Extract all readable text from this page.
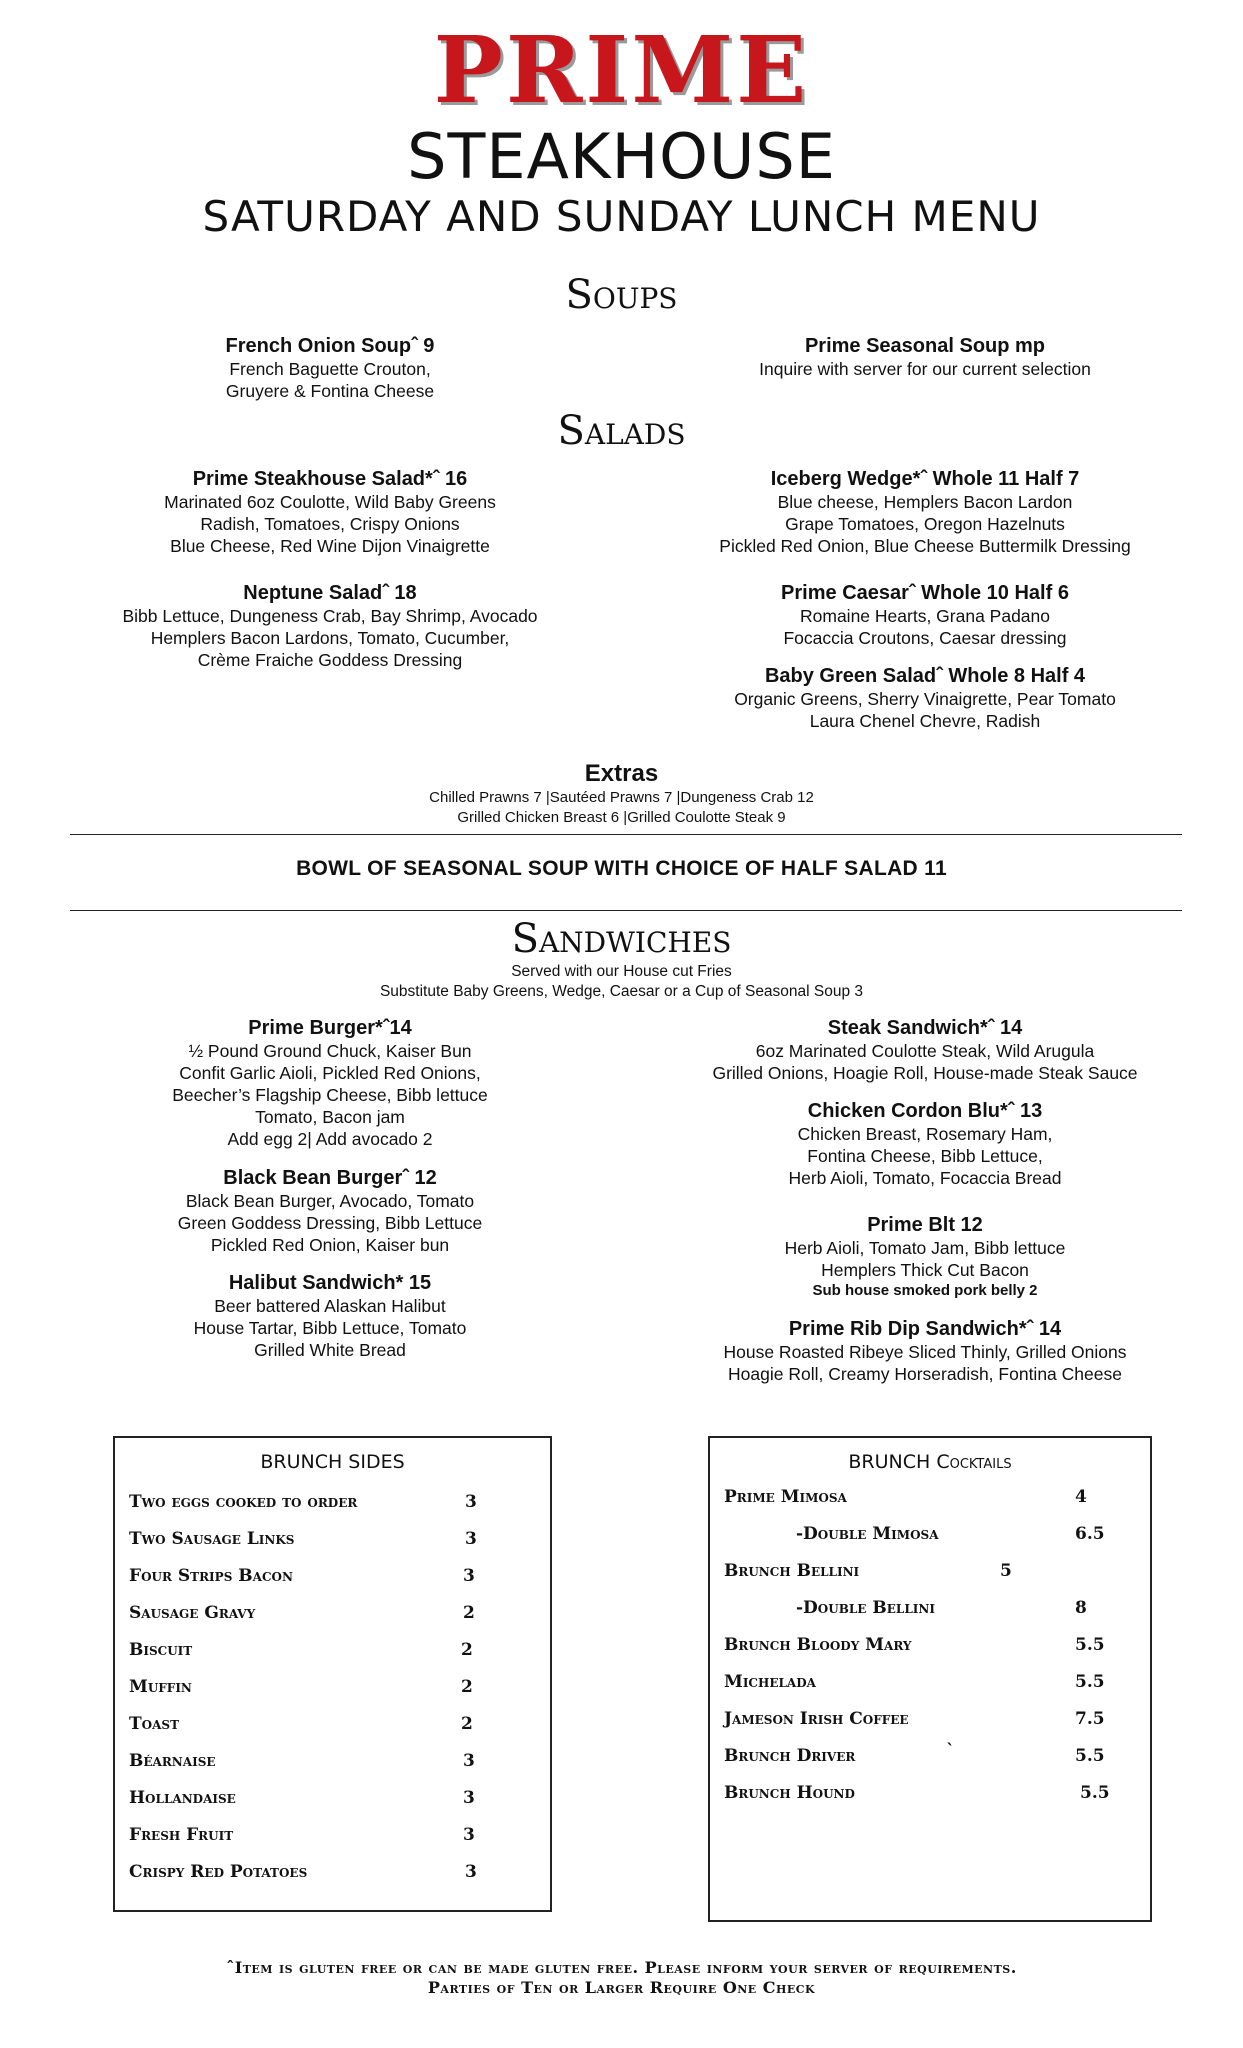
PRIME
STEAKHOUSE
SATURDAY AND SUNDAY LUNCH MENU
Soups
French Onion Soupˆ 9
French Baguette Crouton,
Gruyere & Fontina Cheese
Prime Seasonal Soup mp
Inquire with server for our current selection
Salads
Prime Steakhouse Salad*ˆ 16
Marinated 6oz Coulotte, Wild Baby Greens
Radish, Tomatoes, Crispy Onions
Blue Cheese, Red Wine Dijon Vinaigrette
Iceberg Wedge*ˆ Whole 11 Half 7
Blue cheese, Hemplers Bacon Lardon
Grape Tomatoes, Oregon Hazelnuts
Pickled Red Onion, Blue Cheese Buttermilk Dressing
Neptune Saladˆ 18
Bibb Lettuce, Dungeness Crab, Bay Shrimp, Avocado
Hemplers Bacon Lardons, Tomato, Cucumber,
Crème Fraiche Goddess Dressing
Prime Caesarˆ Whole 10 Half 6
Romaine Hearts, Grana Padano
Focaccia Croutons, Caesar dressing
Baby Green Saladˆ Whole 8 Half 4
Organic Greens, Sherry Vinaigrette, Pear Tomato
Laura Chenel Chevre, Radish
Extras
Chilled Prawns 7 |Sautéed Prawns 7 |Dungeness Crab 12
Grilled Chicken Breast 6 |Grilled Coulotte Steak 9
BOWL OF SEASONAL SOUP WITH CHOICE OF HALF SALAD 11
Sandwiches
Served with our House cut Fries
Substitute Baby Greens, Wedge, Caesar or a Cup of Seasonal Soup 3
Prime Burger*ˆ14
½ Pound Ground Chuck, Kaiser Bun
Confit Garlic Aioli, Pickled Red Onions,
Beecher’s Flagship Cheese, Bibb lettuce
Tomato, Bacon jam
Add egg 2| Add avocado 2
Steak Sandwich*ˆ 14
6oz Marinated Coulotte Steak, Wild Arugula
Grilled Onions, Hoagie Roll, House-made Steak Sauce
Chicken Cordon Blu*ˆ 13
Chicken Breast, Rosemary Ham,
Fontina Cheese, Bibb Lettuce,
Herb Aioli, Tomato, Focaccia Bread
Black Bean Burgerˆ 12
Black Bean Burger, Avocado, Tomato
Green Goddess Dressing, Bibb Lettuce
Pickled Red Onion, Kaiser bun
Prime Blt 12
Herb Aioli, Tomato Jam, Bibb lettuce
Hemplers Thick Cut Bacon
Sub house smoked pork belly 2
Halibut Sandwich* 15
Beer battered Alaskan Halibut
House Tartar, Bibb Lettuce, Tomato
Grilled White Bread
Prime Rib Dip Sandwich*ˆ 14
House Roasted Ribeye Sliced Thinly, Grilled Onions
Hoagie Roll, Creamy Horseradish, Fontina Cheese
BRUNCH SIDES
Two eggs cooked to order	3
Two Sausage Links	3
Four Strips Bacon	3
Sausage Gravy	2
Biscuit	2
Muffin	2
Toast	2
Béarnaise	3
Hollandaise	3
Fresh Fruit	3
Crispy Red Potatoes	3
BRUNCH Cocktails
Prime Mimosa	4
-Double Mimosa	6.5
Brunch Bellini	5
-Double Bellini	8
Brunch Bloody Mary	5.5
Michelada	5.5
Jameson Irish Coffee	7.5
Brunch Driver	`	5.5
Brunch Hound	5.5
ˆItem is gluten free or can be made gluten free. Please inform your server of requirements.
Parties of Ten or Larger Require One Check
